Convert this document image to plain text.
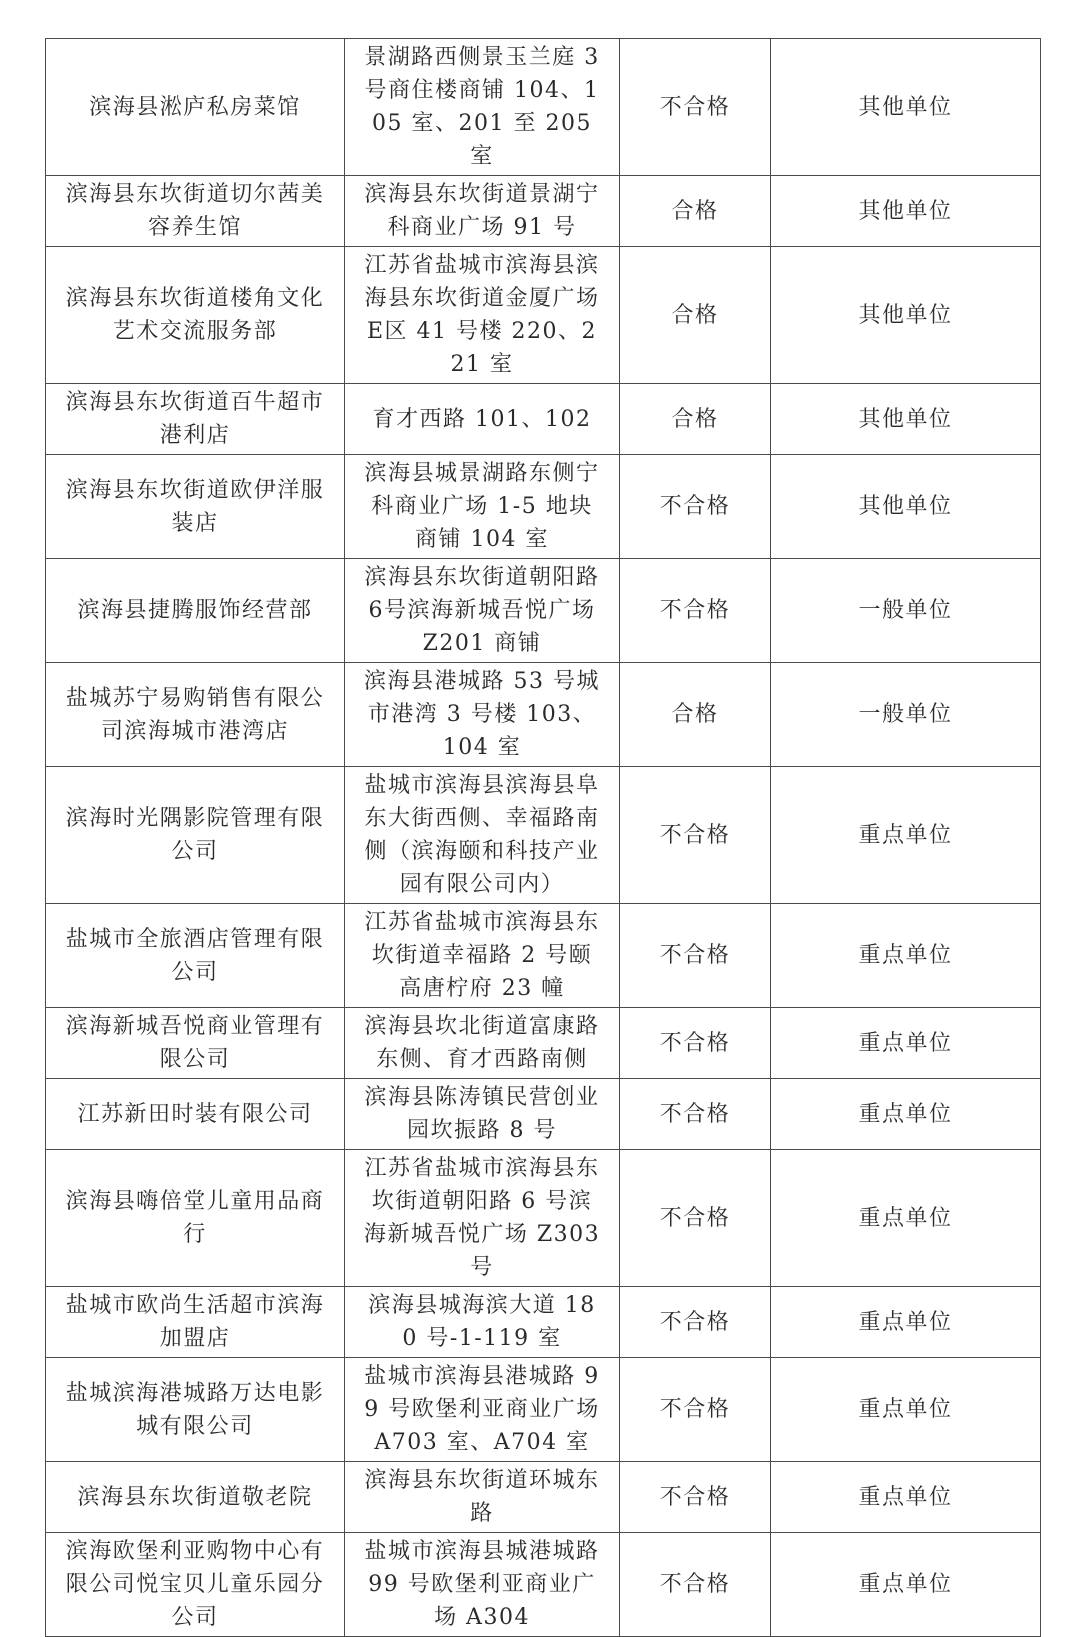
滨海县淞庐私房菜馆	景湖路西侧景玉兰庭 3 号商住楼商铺 104、105 室、201 至 205 室	不合格	其他单位
滨海县东坎街道切尔茜美容养生馆	滨海县东坎街道景湖宁科商业广场 91 号	合格	其他单位
滨海县东坎街道楼角文化艺术交流服务部	江苏省盐城市滨海县滨海县东坎街道金厦广场E区 41 号楼 220、221 室	合格	其他单位
滨海县东坎街道百牛超市港利店	育才西路 101、102	合格	其他单位
滨海县东坎街道欧伊洋服装店	滨海县城景湖路东侧宁科商业广场 1-5 地块商铺 104 室	不合格	其他单位
滨海县捷腾服饰经营部	滨海县东坎街道朝阳路6号滨海新城吾悦广场Z201 商铺	不合格	一般单位
盐城苏宁易购销售有限公司滨海城市港湾店	滨海县港城路 53 号城市港湾 3 号楼 103、104 室	合格	一般单位
滨海时光隅影院管理有限公司	盐城市滨海县滨海县阜东大街西侧、幸福路南侧（滨海颐和科技产业园有限公司内）	不合格	重点单位
盐城市全旅酒店管理有限公司	江苏省盐城市滨海县东坎街道幸福路 2 号颐高唐柠府 23 幢	不合格	重点单位
滨海新城吾悦商业管理有限公司	滨海县坎北街道富康路东侧、育才西路南侧	不合格	重点单位
江苏新田时装有限公司	滨海县陈涛镇民营创业园坎振路 8 号	不合格	重点单位
滨海县嗨倍堂儿童用品商行	江苏省盐城市滨海县东坎街道朝阳路 6 号滨海新城吾悦广场 Z303 号	不合格	重点单位
盐城市欧尚生活超市滨海加盟店	滨海县城海滨大道 180 号-1-119 室	不合格	重点单位
盐城滨海港城路万达电影城有限公司	盐城市滨海县港城路 99 号欧堡利亚商业广场A703 室、A704 室	不合格	重点单位
滨海县东坎街道敬老院	滨海县东坎街道环城东路	不合格	重点单位
滨海欧堡利亚购物中心有限公司悦宝贝儿童乐园分公司	盐城市滨海县城港城路 99 号欧堡利亚商业广场 A304	不合格	重点单位
